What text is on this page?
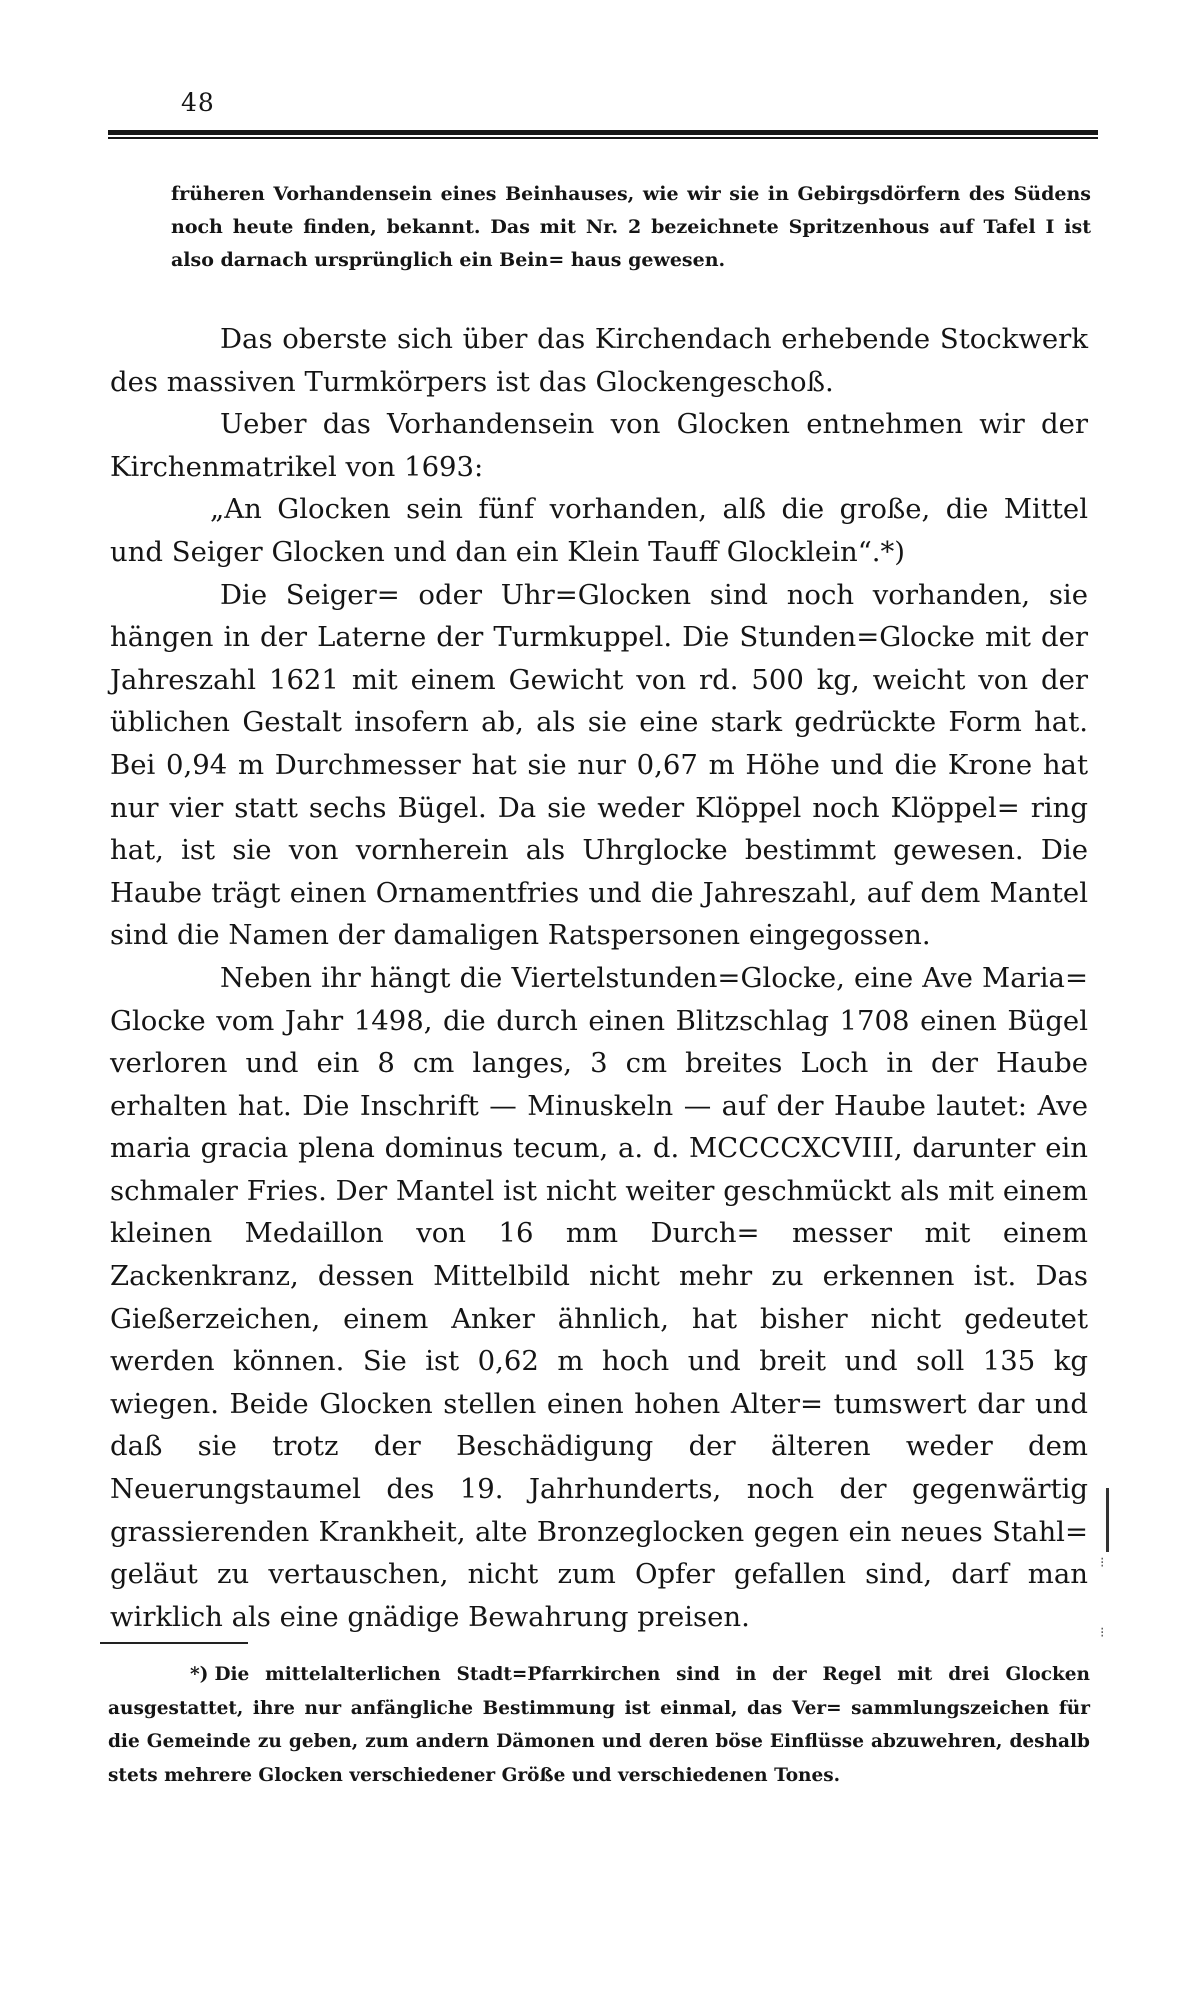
48
früheren Vorhandensein eines Beinhauses, wie wir sie in Gebirgsdörfern des Südens noch heute finden, bekannt. Das mit Nr. 2 bezeichnete Spritzenhous auf Tafel I ist also darnach ursprünglich ein Bein= haus gewesen.

Das oberste sich über das Kirchendach erhebende Stockwerk des massiven Turmkörpers ist das Glockengeschoß.

Ueber das Vorhandensein von Glocken entnehmen wir der Kirchenmatrikel von 1693:

„An Glocken sein fünf vorhanden, alß die große, die Mittel und Seiger Glocken und dan ein Klein Tauff Glocklein“.*)

Die Seiger= oder Uhr=Glocken sind noch vorhanden, sie hängen in der Laterne der Turmkuppel. Die Stunden=Glocke mit der Jahreszahl 1621 mit einem Gewicht von rd. 500 kg, weicht von der üblichen Gestalt insofern ab, als sie eine stark gedrückte Form hat. Bei 0,94 m Durchmesser hat sie nur 0,67 m Höhe und die Krone hat nur vier statt sechs Bügel. Da sie weder Klöppel noch Klöppel= ring hat, ist sie von vornherein als Uhrglocke bestimmt gewesen. Die Haube trägt einen Ornamentfries und die Jahreszahl, auf dem Mantel sind die Namen der damaligen Ratspersonen eingegossen.

Neben ihr hängt die Viertelstunden=Glocke, eine Ave Maria= Glocke vom Jahr 1498, die durch einen Blitzschlag 1708 einen Bügel verloren und ein 8 cm langes, 3 cm breites Loch in der Haube erhalten hat. Die Inschrift — Minuskeln — auf der Haube lautet: Ave maria gracia plena dominus tecum, a. d. MCCCCXCVIII, darunter ein schmaler Fries. Der Mantel ist nicht weiter geschmückt als mit einem kleinen Medaillon von 16 mm Durch= messer mit einem Zackenkranz, dessen Mittelbild nicht mehr zu erkennen ist. Das Gießerzeichen, einem Anker ähnlich, hat bisher nicht gedeutet werden können. Sie ist 0,62 m hoch und breit und soll 135 kg wiegen. Beide Glocken stellen einen hohen Alter= tumswert dar und daß sie trotz der Beschädigung der älteren weder dem Neuerungstaumel des 19. Jahrhunderts, noch der gegenwärtig grassierenden Krankheit, alte Bronzeglocken gegen ein neues Stahl= geläut zu vertauschen, nicht zum Opfer gefallen sind, darf man wirklich als eine gnädige Bewahrung preisen.

*) Die mittelalterlichen Stadt=Pfarrkirchen sind in der Regel mit drei Glocken ausgestattet, ihre nur anfängliche Bestimmung ist einmal, das Ver= sammlungszeichen für die Gemeinde zu geben, zum andern Dämonen und deren böse Einflüsse abzuwehren, deshalb stets mehrere Glocken verschiedener Größe und verschiedenen Tones.
⁝
⁝
